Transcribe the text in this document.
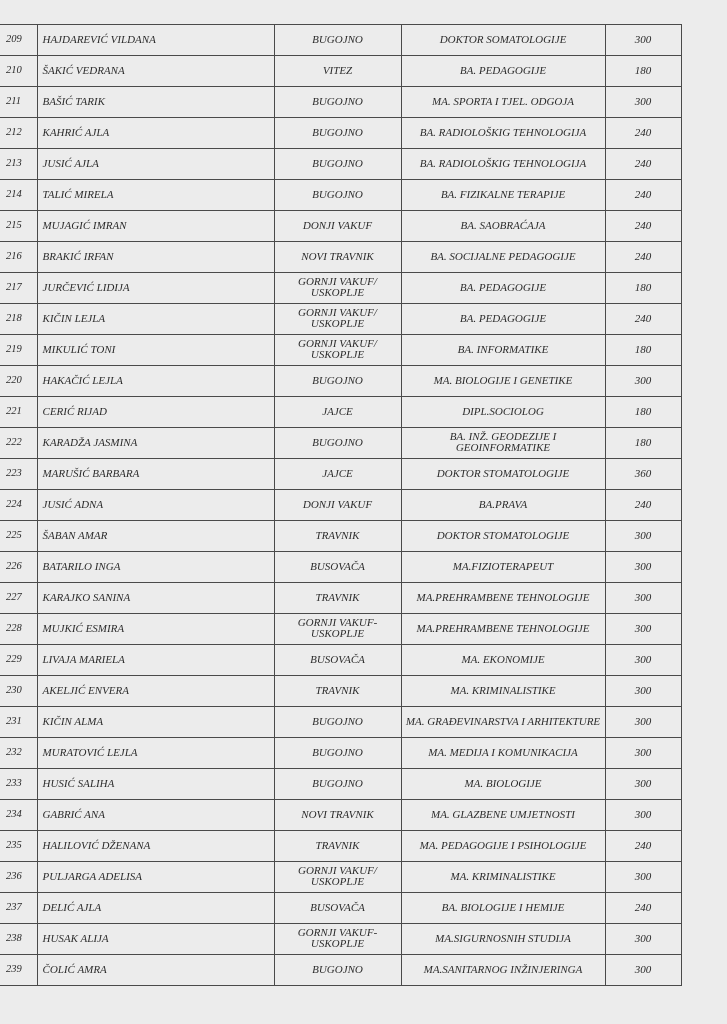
209	HAJDAREVIĆ VILDANA	BUGOJNO	DOKTOR SOMATOLOGIJE	300
210	ŠAKIĆ VEDRANA	VITEZ	BA. PEDAGOGIJE	180
211	BAŠIĆ TARIK	BUGOJNO	MA. SPORTA I TJEL. ODGOJA	300
212	KAHRIĆ AJLA	BUGOJNO	BA. RADIOLOŠKIG TEHNOLOGIJA	240
213	JUSIĆ AJLA	BUGOJNO	BA. RADIOLOŠKIG TEHNOLOGIJA	240
214	TALIĆ MIRELA	BUGOJNO	BA. FIZIKALNE TERAPIJE	240
215	MUJAGIĆ IMRAN	DONJI VAKUF	BA. SAOBRAĆAJA	240
216	BRAKIĆ IRFAN	NOVI TRAVNIK	BA. SOCIJALNE PEDAGOGIJE	240
217	JURČEVIĆ LIDIJA	GORNJI VAKUF/ USKOPLJE	BA. PEDAGOGIJE	180
218	KIČIN LEJLA	GORNJI VAKUF/ USKOPLJE	BA. PEDAGOGIJE	240
219	MIKULIĆ TONI	GORNJI VAKUF/ USKOPLJE	BA. INFORMATIKE	180
220	HAKAČIĆ LEJLA	BUGOJNO	MA. BIOLOGIJE I GENETIKE	300
221	CERIĆ RIJAD	JAJCE	DIPL.SOCIOLOG	180
222	KARADŽA JASMINA	BUGOJNO	BA. INŽ. GEODEZIJE I GEOINFORMATIKE	180
223	MARUŠIĆ BARBARA	JAJCE	DOKTOR STOMATOLOGIJE	360
224	JUSIĆ ADNA	DONJI VAKUF	BA.PRAVA	240
225	ŠABAN AMAR	TRAVNIK	DOKTOR STOMATOLOGIJE	300
226	BATARILO INGA	BUSOVAČA	MA.FIZIOTERAPEUT	300
227	KARAJKO SANINA	TRAVNIK	MA.PREHRAMBENE TEHNOLOGIJE	300
228	MUJKIĆ ESMIRA	GORNJI VAKUF- USKOPLJE	MA.PREHRAMBENE TEHNOLOGIJE	300
229	LIVAJA MARIELA	BUSOVAČA	MA. EKONOMIJE	300
230	AKELJIĆ ENVERA	TRAVNIK	MA. KRIMINALISTIKE	300
231	KIČIN ALMA	BUGOJNO	MA. GRAĐEVINARSTVA I ARHITEKTURE	300
232	MURATOVIĆ LEJLA	BUGOJNO	MA. MEDIJA I KOMUNIKACIJA	300
233	HUSIĆ SALIHA	BUGOJNO	MA. BIOLOGIJE	300
234	GABRIĆ ANA	NOVI TRAVNIK	MA. GLAZBENE UMJETNOSTI	300
235	HALILOVIĆ DŽENANA	TRAVNIK	MA. PEDAGOGIJE I PSIHOLOGIJE	240
236	PULJARGA ADELISA	GORNJI VAKUF/ USKOPLJE	MA. KRIMINALISTIKE	300
237	DELIĆ AJLA	BUSOVAČA	BA. BIOLOGIJE I HEMIJE	240
238	HUSAK ALIJA	GORNJI VAKUF- USKOPLJE	MA.SIGURNOSNIH STUDIJA	300
239	ČOLIĆ AMRA	BUGOJNO	MA.SANITARNOG INŽINJERINGA	300
